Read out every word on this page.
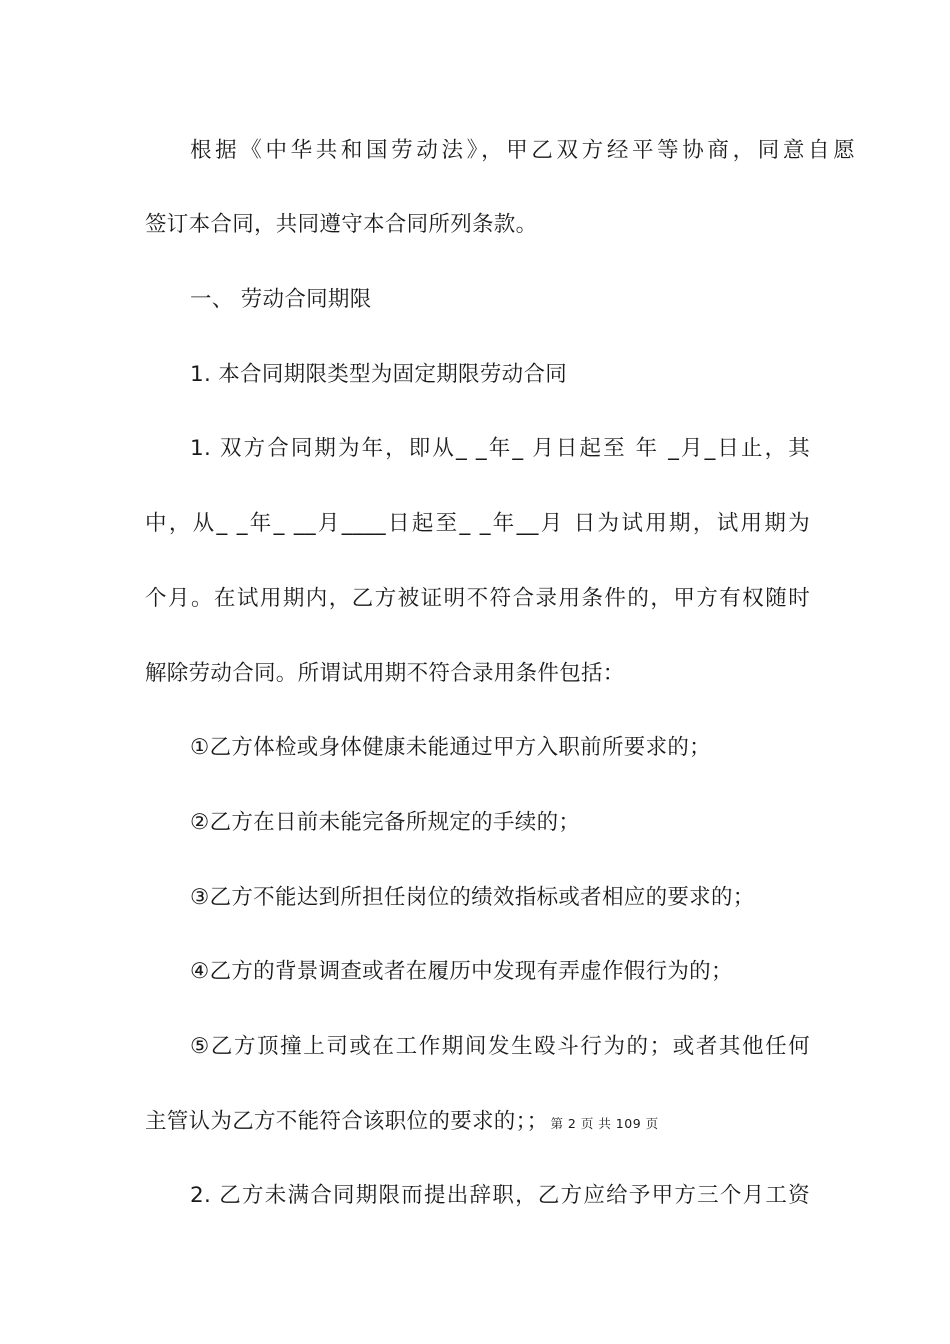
根据《中华共和国劳动法》，甲乙双方经平等协商，同意自愿
签订本合同，共同遵守本合同所列条款。
一、 劳动合同期限
1. 本合同期限类型为固定期限劳动合同
1. 双方合同期为年，即从_ _年_ 月日起至 年 _月_日止，其
中，从_ _年_ __月____日起至_ _年__月 日为试用期，试用期为
个月。在试用期内，乙方被证明不符合录用条件的，甲方有权随时
解除劳动合同。所谓试用期不符合录用条件包括：
①乙方体检或身体健康未能通过甲方入职前所要求的；
②乙方在日前未能完备所规定的手续的；
③乙方不能达到所担任岗位的绩效指标或者相应的要求的；
④乙方的背景调查或者在履历中发现有弄虚作假行为的；
⑤乙方顶撞上司或在工作期间发生殴斗行为的；或者其他任何
主管认为乙方不能符合该职位的要求的；； 第 2 页 共 109 页
2. 乙方未满合同期限而提出辞职，乙方应给予甲方三个月工资
